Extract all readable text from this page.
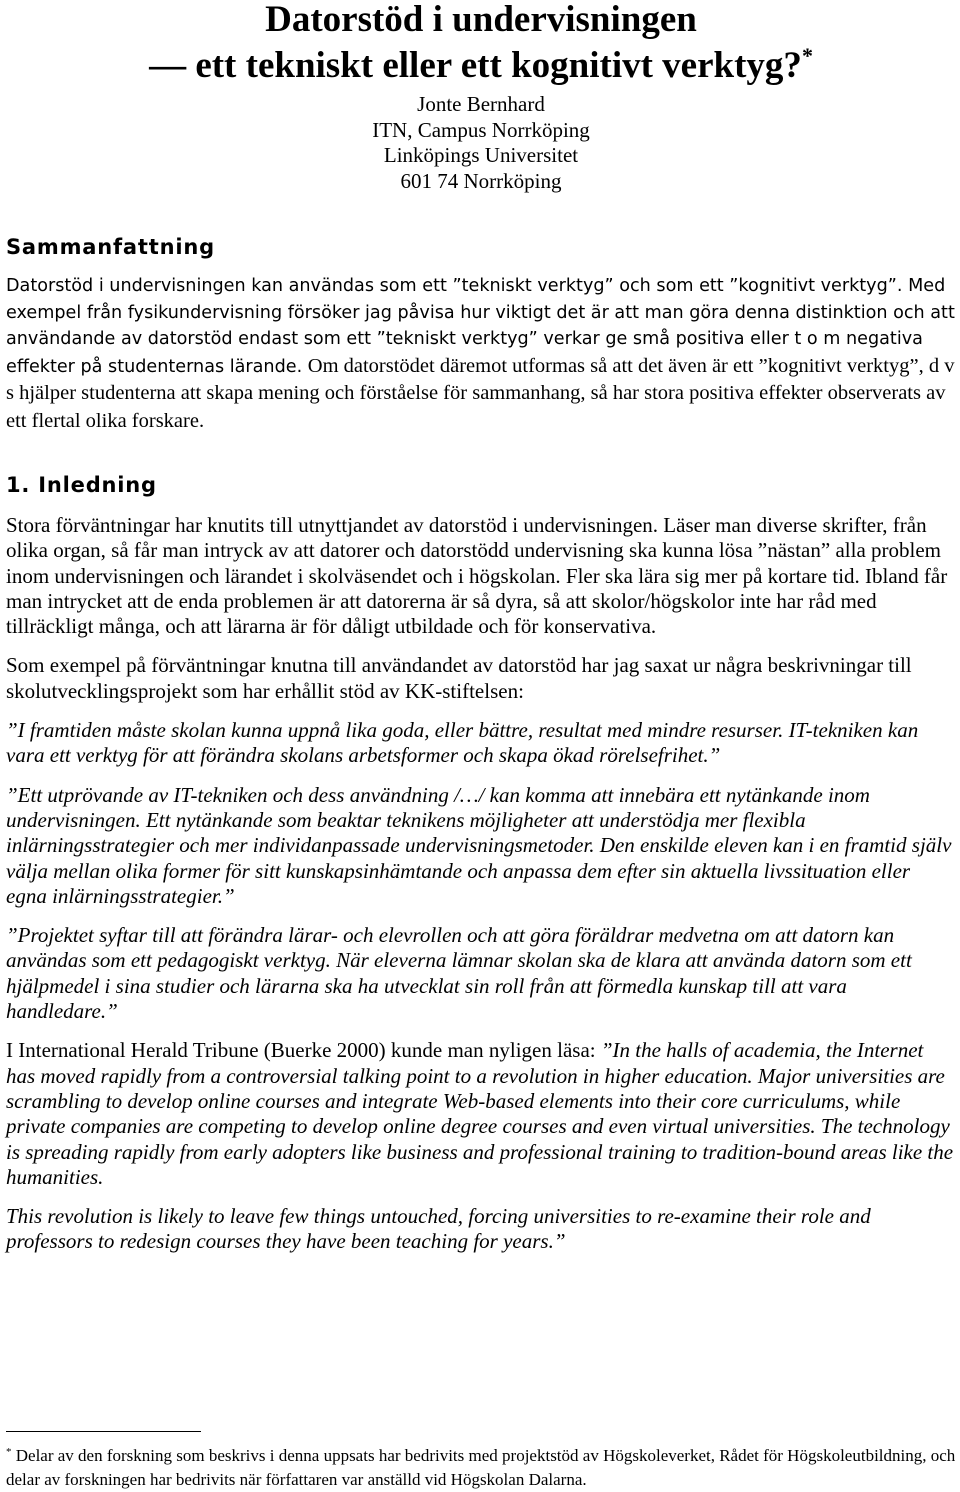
Datorstöd i undervisningen
— ett tekniskt eller ett kognitivt verktyg?*
Jonte Bernhard
ITN, Campus Norrköping
Linköpings Universitet
601 74 Norrköping
Sammanfattning

Datorstöd i undervisningen kan användas som ett ”tekniskt verktyg” och som ett ”kognitivt verktyg”. Med exempel från fysikundervisning försöker jag påvisa hur viktigt det är att man göra denna distinktion och att användande av datorstöd endast som ett ”tekniskt verktyg” verkar ge små positiva eller t o m negativa effekter på studenternas lärande. Om datorstödet däremot utformas så att det även är ett ”kognitivt verktyg”, d v s hjälper studenterna att skapa mening och förståelse för sammanhang, så har stora positiva effekter observerats av ett flertal olika forskare.

1. Inledning

Stora förväntningar har knutits till utnyttjandet av datorstöd i undervisningen. Läser man diverse skrifter, från olika organ, så får man intryck av att datorer och datorstödd undervisning ska kunna lösa ”nästan” alla problem inom undervisningen och lärandet i skolväsendet och i högskolan. Fler ska lära sig mer på kortare tid. Ibland får man intrycket att de enda problemen är att datorerna är så dyra, så att skolor/högskolor inte har råd med tillräckligt många, och att lärarna är för dåligt utbildade och för konservativa.

Som exempel på förväntningar knutna till användandet av datorstöd har jag saxat ur några beskrivningar till skolutvecklingsprojekt som har erhållit stöd av KK-stiftelsen:

”I framtiden måste skolan kunna uppnå lika goda, eller bättre, resultat med mindre resurser. IT-tekniken kan vara ett verktyg för att förändra skolans arbetsformer och skapa ökad rörelsefrihet.”

”Ett utprövande av IT-tekniken och dess användning /…/ kan komma att innebära ett nytänkande inom undervisningen. Ett nytänkande som beaktar teknikens möjligheter att understödja mer flexibla inlärningsstrategier och mer individanpassade undervisningsmetoder. Den enskilde eleven kan i en framtid själv välja mellan olika former för sitt kunskapsinhämtande och anpassa dem efter sin aktuella livssituation eller egna inlärningsstrategier.”

”Projektet syftar till att förändra lärar- och elevrollen och att göra föräldrar medvetna om att datorn kan användas som ett pedagogiskt verktyg. När eleverna lämnar skolan ska de klara att använda datorn som ett hjälpmedel i sina studier och lärarna ska ha utvecklat sin roll från att förmedla kunskap till att vara handledare.”

I International Herald Tribune (Buerke 2000) kunde man nyligen läsa: ”In the halls of academia, the Internet has moved rapidly from a controversial talking point to a revolution in higher education. Major universities are scrambling to develop online courses and integrate Web-based elements into their core curriculums, while private companies are competing to develop online degree courses and even virtual universities. The technology is spreading rapidly from early adopters like business and professional training to tradition-bound areas like the humanities.

This revolution is likely to leave few things untouched, forcing universities to re-examine their role and professors to redesign courses they have been teaching for years.”

* Delar av den forskning som beskrivs i denna uppsats har bedrivits med projektstöd av Högskoleverket, Rådet för Högskoleutbildning, och delar av forskningen har bedrivits när författaren var anställd vid Högskolan Dalarna.
